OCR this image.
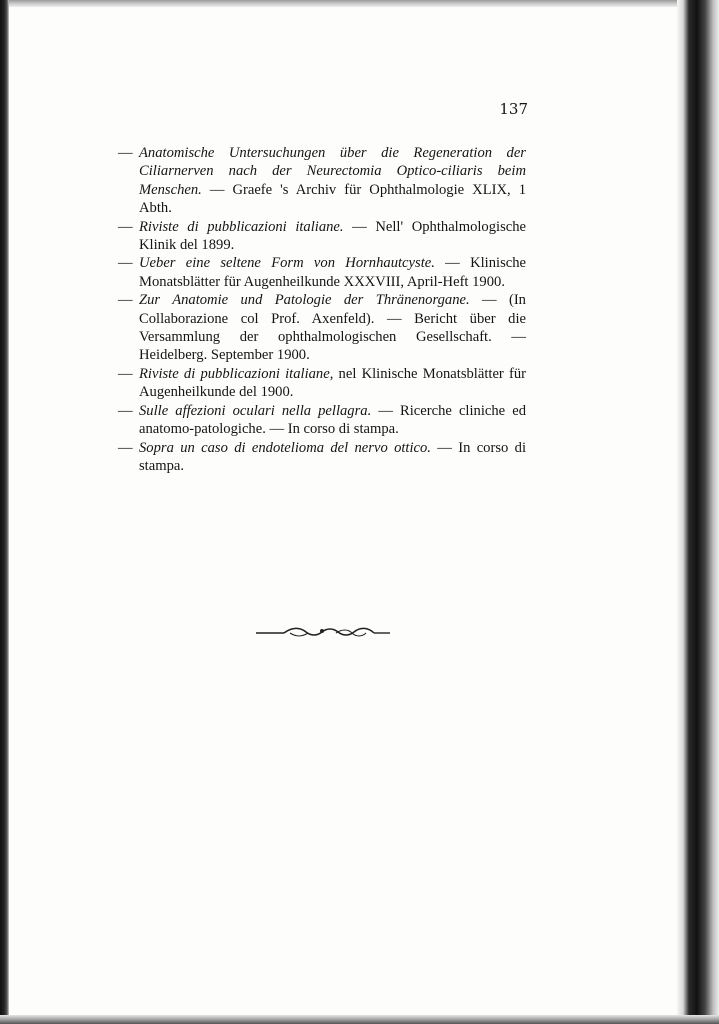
137
— Anatomische Untersuchungen über die Regeneration der Ciliarnerven nach der Neurectomia Optico-ciliaris beim Menschen. — Graefe 's Archiv für Ophthalmologie XLIX, 1 Abth.
— Riviste di pubblicazioni italiane. — Nell' Ophthalmologische Klinik del 1899.
— Ueber eine seltene Form von Hornhautcyste. — Klinische Monatsblätter für Augenheilkunde XXXVIII, April-Heft 1900.
— Zur Anatomie und Patologie der Thränenorgane. — (In Collaborazione col Prof. Axenfeld). — Bericht über die Versammlung der ophthalmologischen Gesellschaft. — Heidelberg. September 1900.
— Riviste di pubblicazioni italiane, nel Klinische Monatsblätter für Augenheilkunde del 1900.
— Sulle affezioni oculari nella pellagra. — Ricerche cliniche ed anatomo-patologiche. — In corso di stampa.
— Sopra un caso di endotelioma del nervo ottico. — In corso di stampa.
